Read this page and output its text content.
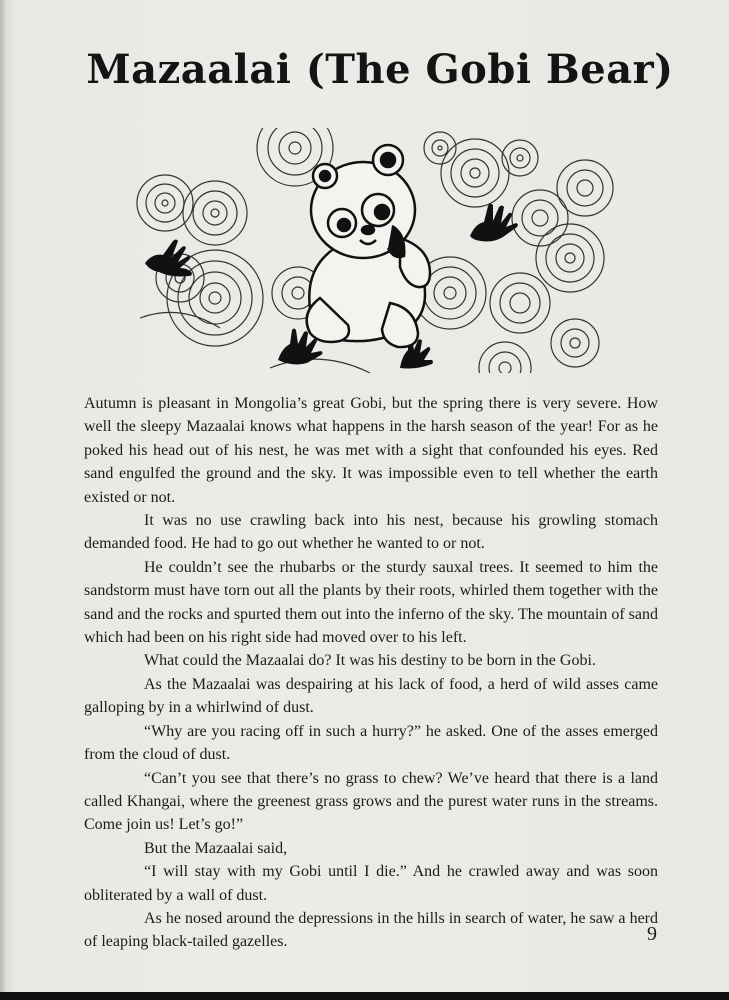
Mazaalai (The Gobi Bear)

Autumn is pleasant in Mongolia’s great Gobi, but the spring there is very severe. How well the sleepy Mazaalai knows what happens in the harsh season of the year! For as he poked his head out of his nest, he was met with a sight that confounded his eyes. Red sand engulfed the ground and the sky. It was impossible even to tell whether the earth existed or not.

It was no use crawling back into his nest, because his growling stomach demanded food. He had to go out whether he wanted to or not.

He couldn’t see the rhubarbs or the sturdy sauxal trees. It seemed to him the sandstorm must have torn out all the plants by their roots, whirled them together with the sand and the rocks and spurted them out into the inferno of the sky. The mountain of sand which had been on his right side had moved over to his left.

What could the Mazaalai do? It was his destiny to be born in the Gobi.

As the Mazaalai was despairing at his lack of food, a herd of wild asses came galloping by in a whirlwind of dust.

“Why are you racing off in such a hurry?” he asked. One of the asses emerged from the cloud of dust.

“Can’t you see that there’s no grass to chew? We’ve heard that there is a land called Khangai, where the greenest grass grows and the purest water runs in the streams. Come join us! Let’s go!”

But the Mazaalai said,

“I will stay with my Gobi until I die.” And he crawled away and was soon obliterated by a wall of dust.

As he nosed around the depressions in the hills in search of water, he saw a herd of leaping black-tailed gazelles.	9
